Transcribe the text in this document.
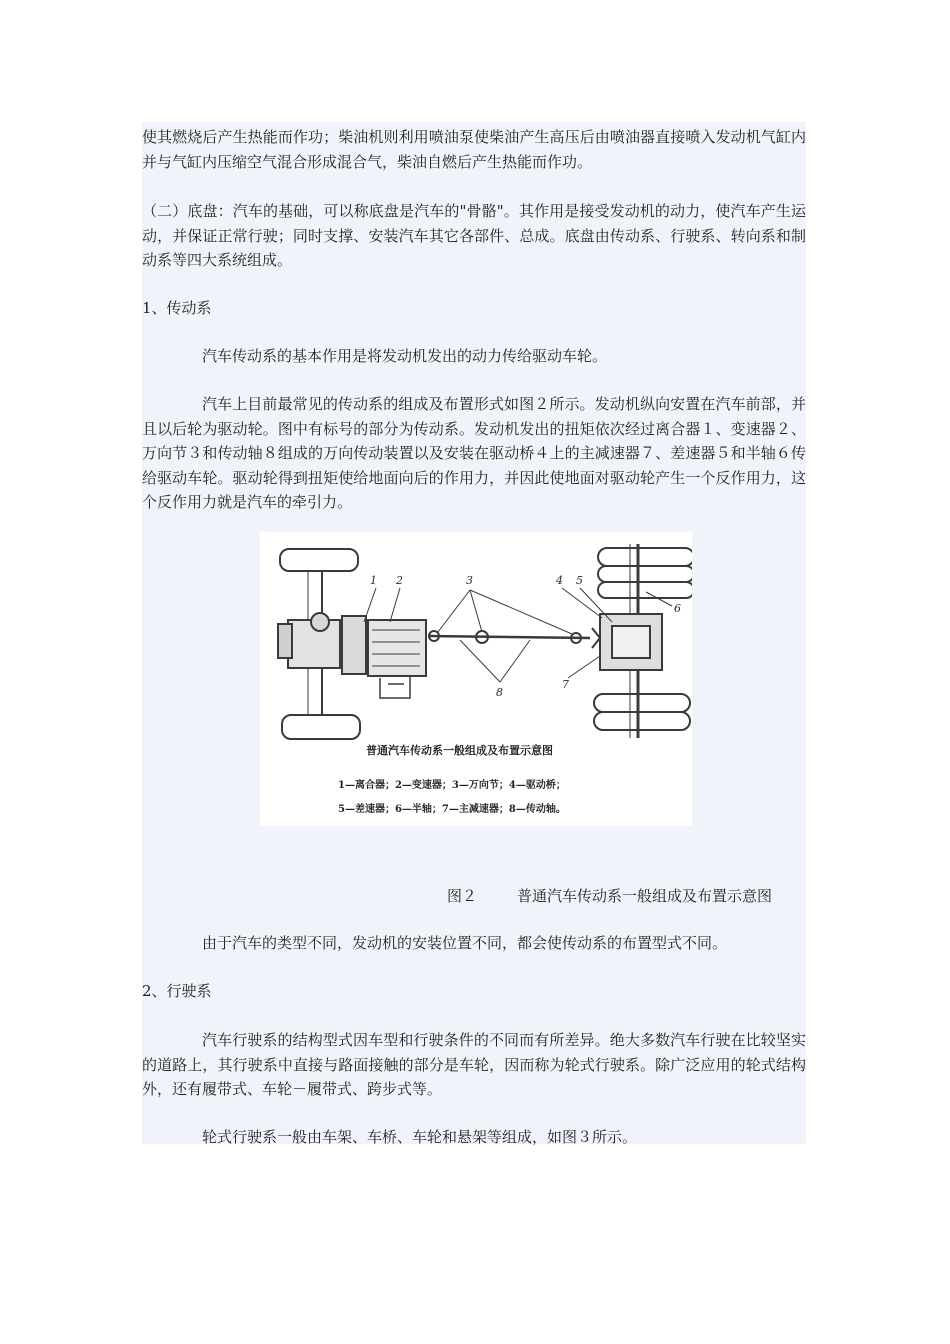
使其燃烧后产生热能而作功；柴油机则利用喷油泵使柴油产生高压后由喷油器直接喷入发动机气缸内并与气缸内压缩空气混合形成混合气，柴油自燃后产生热能而作功。

（二）底盘：汽车的基础，可以称底盘是汽车的"骨骼"。其作用是接受发动机的动力，使汽车产生运动，并保证正常行驶；同时支撑、安装汽车其它各部件、总成。底盘由传动系、行驶系、转向系和制动系等四大系统组成。

1、传动系

汽车传动系的基本作用是将发动机发出的动力传给驱动车轮。

汽车上目前最常见的传动系的组成及布置形式如图２所示。发动机纵向安置在汽车前部，并且以后轮为驱动轮。图中有标号的部分为传动系。发动机发出的扭矩依次经过离合器１、变速器２、万向节３和传动轴８组成的万向传动装置以及安装在驱动桥４上的主减速器７、差速器５和半轴６传给驱动车轮。驱动轮得到扭矩使给地面向后的作用力，并因此使地面对驱动轮产生一个反作用力，这个反作用力就是汽车的牵引力。

1 2	3	4 5
6
7
8
普通汽车传动系一般组成及布置示意图
1—离合器；2—变速器；3—万向节；4—驱动桥；
5—差速器；6—半轴；7—主减速器；8—传动轴。
图２	普通汽车传动系一般组成及布置示意图

由于汽车的类型不同，发动机的安装位置不同，都会使传动系的布置型式不同。

2、行驶系

汽车行驶系的结构型式因车型和行驶条件的不同而有所差异。绝大多数汽车行驶在比较坚实的道路上，其行驶系中直接与路面接触的部分是车轮，因而称为轮式行驶系。除广泛应用的轮式结构外，还有履带式、车轮－履带式、跨步式等。

轮式行驶系一般由车架、车桥、车轮和悬架等组成，如图３所示。
